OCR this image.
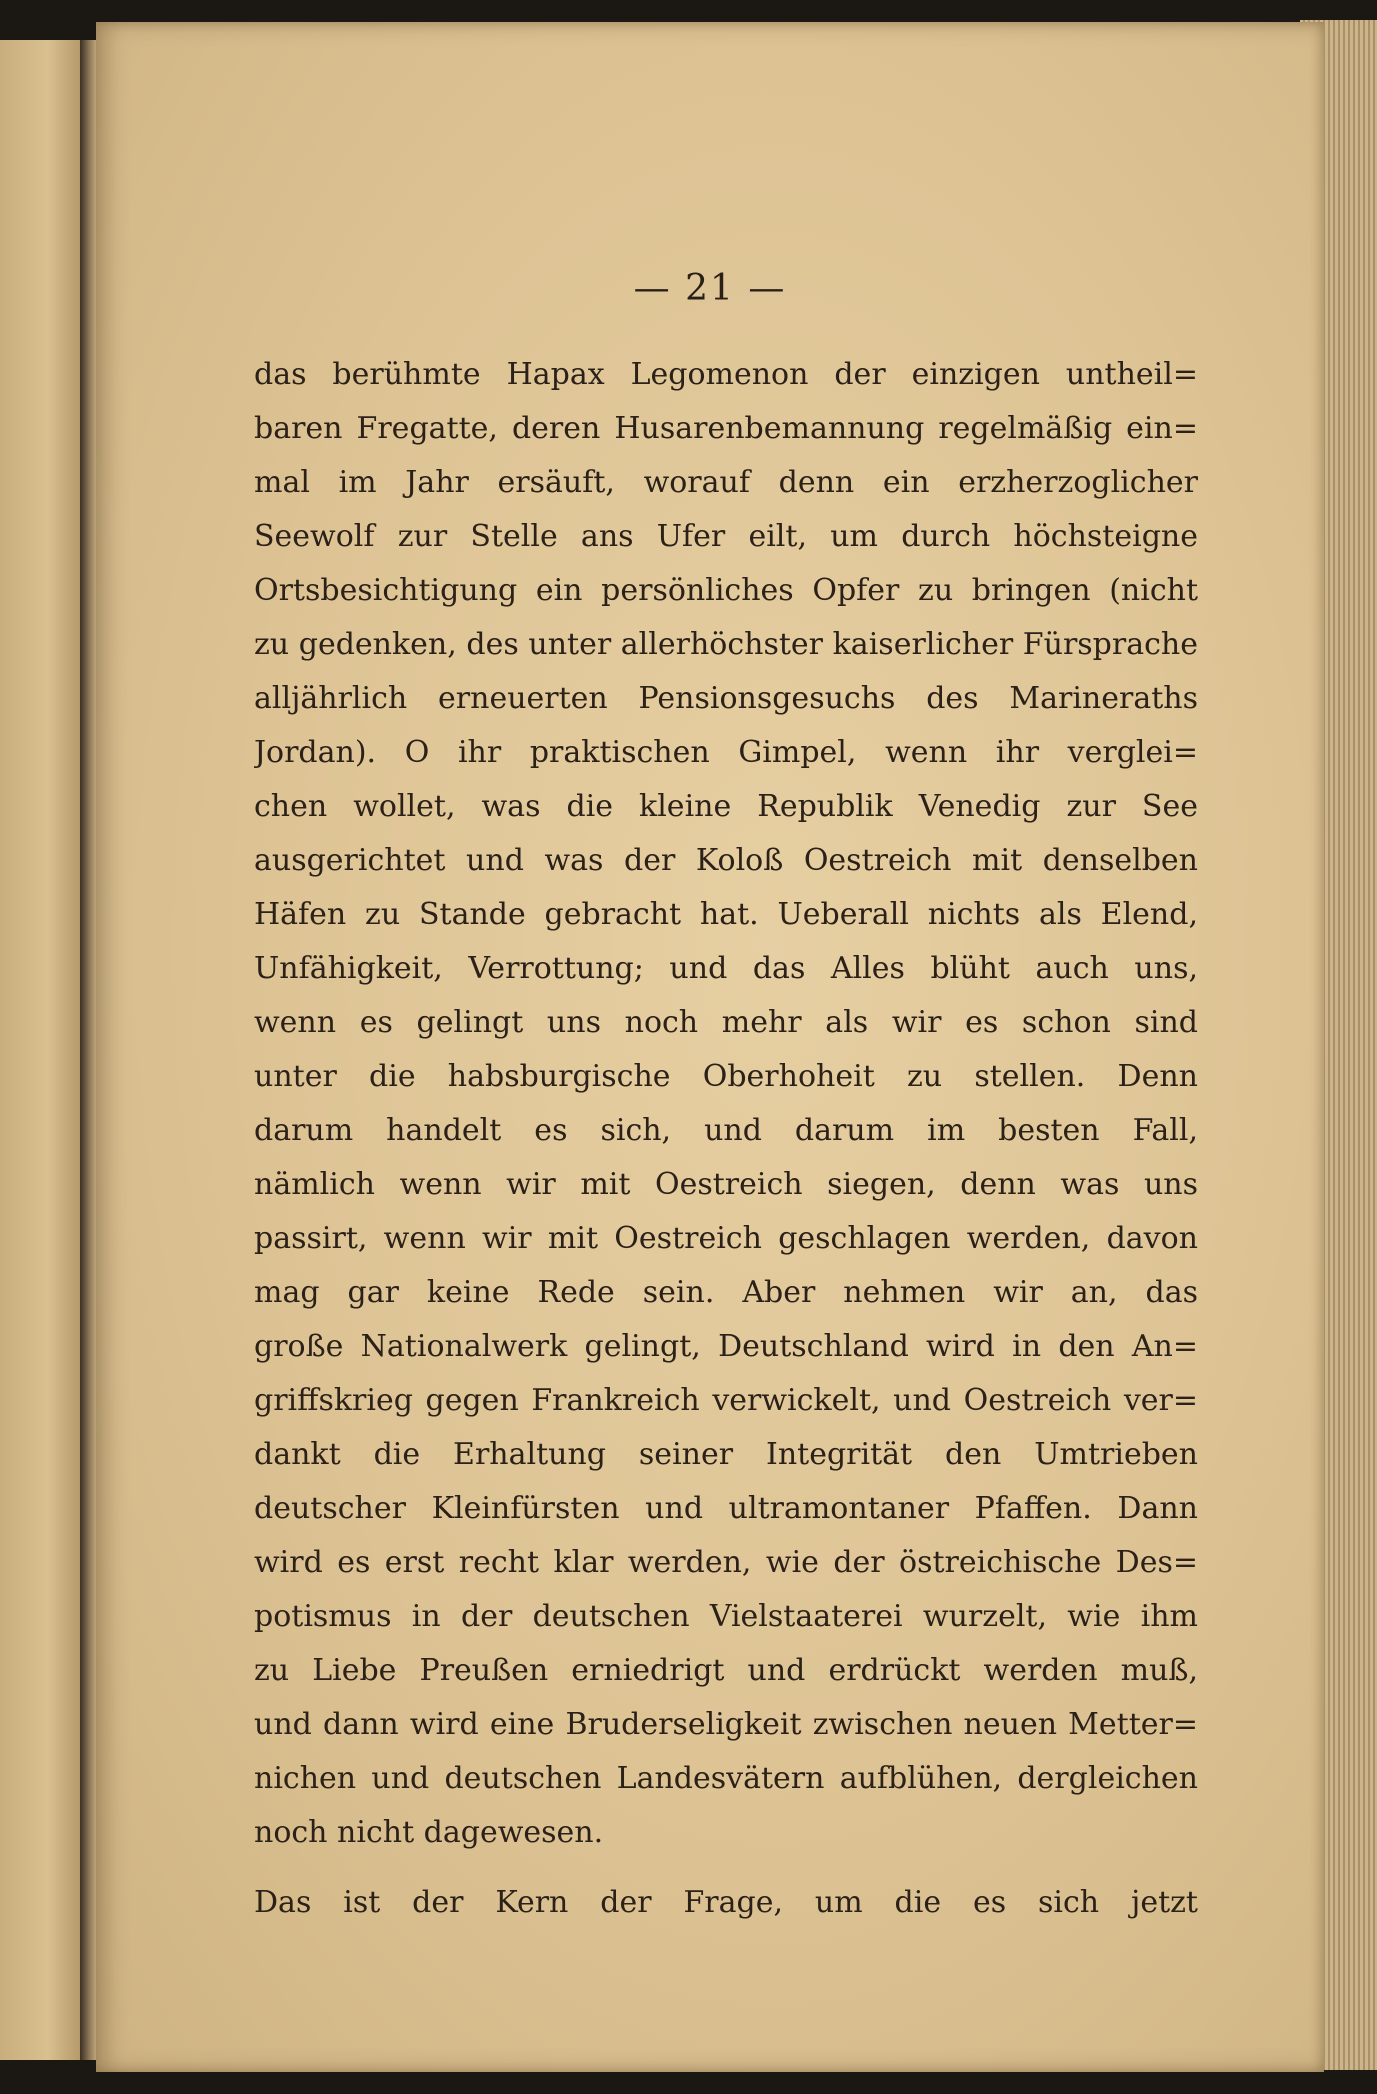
— 21 —
das berühmte Hapax Legomenon der einzigen untheil=
baren Fregatte, deren Husarenbemannung regelmäßig ein=
mal im Jahr ersäuft, worauf denn ein erzherzoglicher
Seewolf zur Stelle ans Ufer eilt, um durch höchsteigne
Ortsbesichtigung ein persönliches Opfer zu bringen (nicht
zu gedenken, des unter allerhöchster kaiserlicher Fürsprache
alljährlich erneuerten Pensionsgesuchs des Marineraths
Jordan). O ihr praktischen Gimpel, wenn ihr verglei=
chen wollet, was die kleine Republik Venedig zur See
ausgerichtet und was der Koloß Oestreich mit denselben
Häfen zu Stande gebracht hat. Ueberall nichts als Elend,
Unfähigkeit, Verrottung; und das Alles blüht auch uns,
wenn es gelingt uns noch mehr als wir es schon sind
unter die habsburgische Oberhoheit zu stellen. Denn
darum handelt es sich, und darum im besten Fall,
nämlich wenn wir mit Oestreich siegen, denn was uns
passirt, wenn wir mit Oestreich geschlagen werden, davon
mag gar keine Rede sein. Aber nehmen wir an, das
große Nationalwerk gelingt, Deutschland wird in den An=
griffskrieg gegen Frankreich verwickelt, und Oestreich ver=
dankt die Erhaltung seiner Integrität den Umtrieben
deutscher Kleinfürsten und ultramontaner Pfaffen. Dann
wird es erst recht klar werden, wie der östreichische Des=
potismus in der deutschen Vielstaaterei wurzelt, wie ihm
zu Liebe Preußen erniedrigt und erdrückt werden muß,
und dann wird eine Bruderseligkeit zwischen neuen Metter=
nichen und deutschen Landesvätern aufblühen, dergleichen
noch nicht dagewesen.
Das ist der Kern der Frage, um die es sich jetzt
